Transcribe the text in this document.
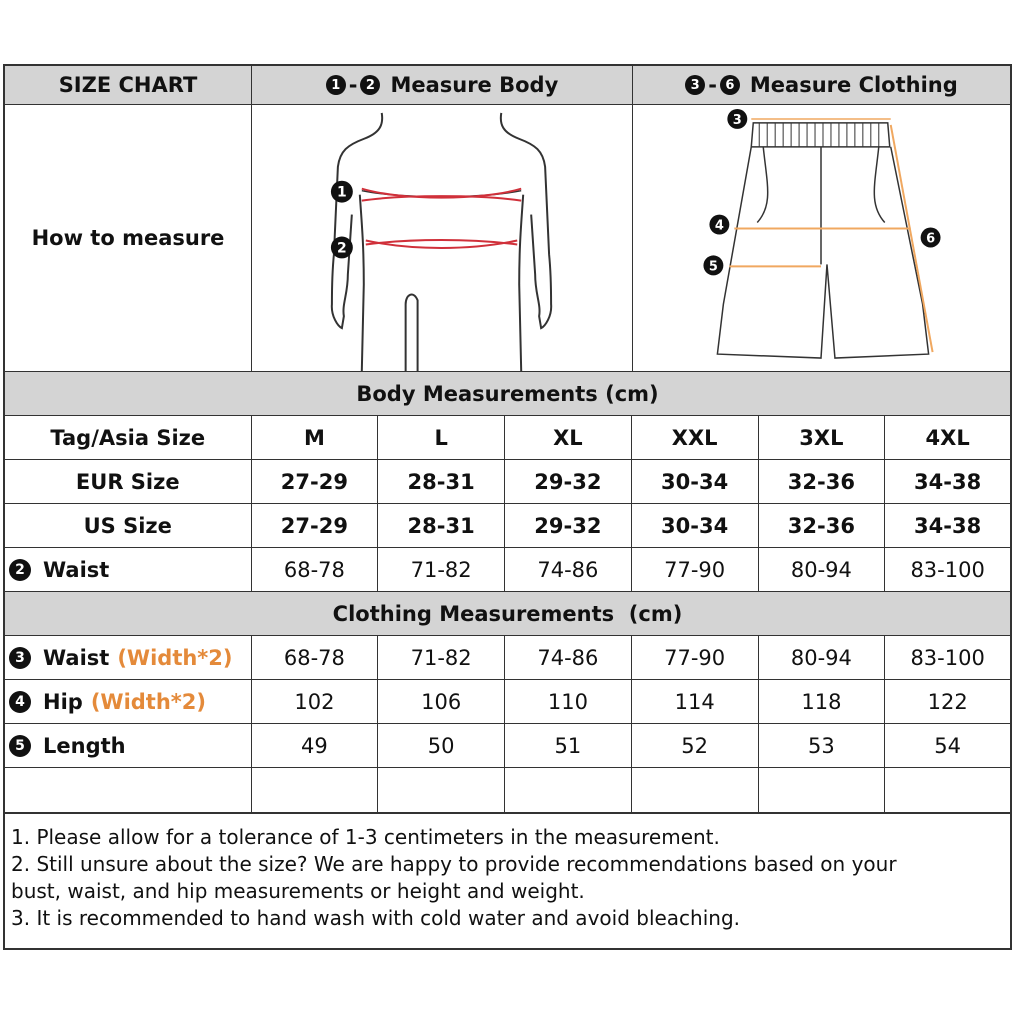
SIZE CHART	1 - 2 Measure Body	3 - 6 Measure Clothing
How to measure
1
2
3
4
5
6
Body Measurements (cm)
Tag/Asia Size	M	L	XL	XXL	3XL	4XL
EUR Size	27-29	28-31	29-32	30-34	32-36	34-38
US Size	27-29	28-31	29-32	30-34	32-36	34-38
2 Waist	68-78	71-82	74-86	77-90	80-94	83-100
Clothing Measurements  (cm)
3 Waist (Width*2)	68-78	71-82	74-86	77-90	80-94	83-100
4 Hip (Width*2)	102	106	110	114	118	122
5 Length	49	50	51	52	53	54
1. Please allow for a tolerance of 1-3 centimeters in the measurement.
2. Still unsure about the size? We are happy to provide recommendations based on your
bust, waist, and hip measurements or height and weight.
3. It is recommended to hand wash with cold water and avoid bleaching.
